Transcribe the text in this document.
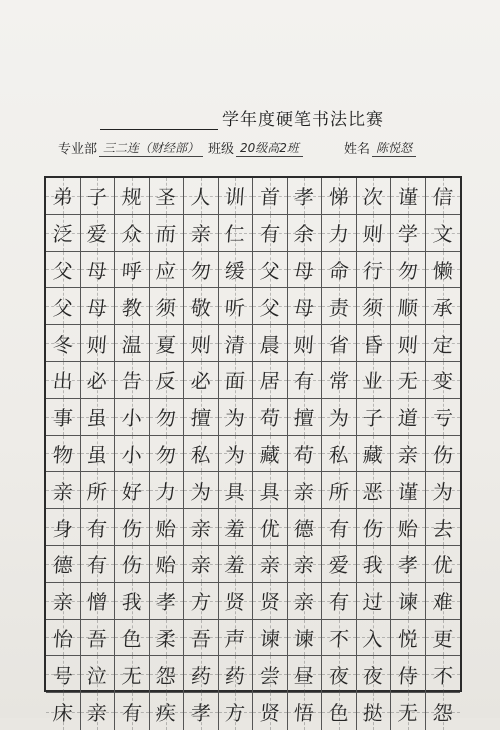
学年度硬笔书法比赛
专业部 三二连（财经部） 班级 20级高2班	姓名 陈悦怒
弟 子 规 圣 人 训 首 孝 悌 次 谨 信
泛 爱 众 而 亲 仁 有 余 力 则 学 文
父 母 呼 应 勿 缓 父 母 命 行 勿 懒
父 母 教 须 敬 听 父 母 责 须 顺 承
冬 则 温 夏 则 清 晨 则 省 昏 则 定
出 必 告 反 必 面 居 有 常 业 无 变
事 虽 小 勿 擅 为 苟 擅 为 子 道 亏
物 虽 小 勿 私 为 藏 苟 私 藏 亲 伤
亲 所 好 力 为 具 具 亲 所 恶 谨 为
身 有 伤 贻 亲 羞 优 德 有 伤 贻 去
德 有 伤 贻 亲 羞 亲 亲 爱 我 孝 优
亲 憎 我 孝 方 贤 贤 亲 有 过 谏 难
怡 吾 色 柔 吾 声 谏 谏 不 入 悦 更
号 泣 无 怨 药 药 尝 昼 夜 夜 侍 不
床 亲 有 疾 孝 方 贤 悟 色 挞 无 怨
